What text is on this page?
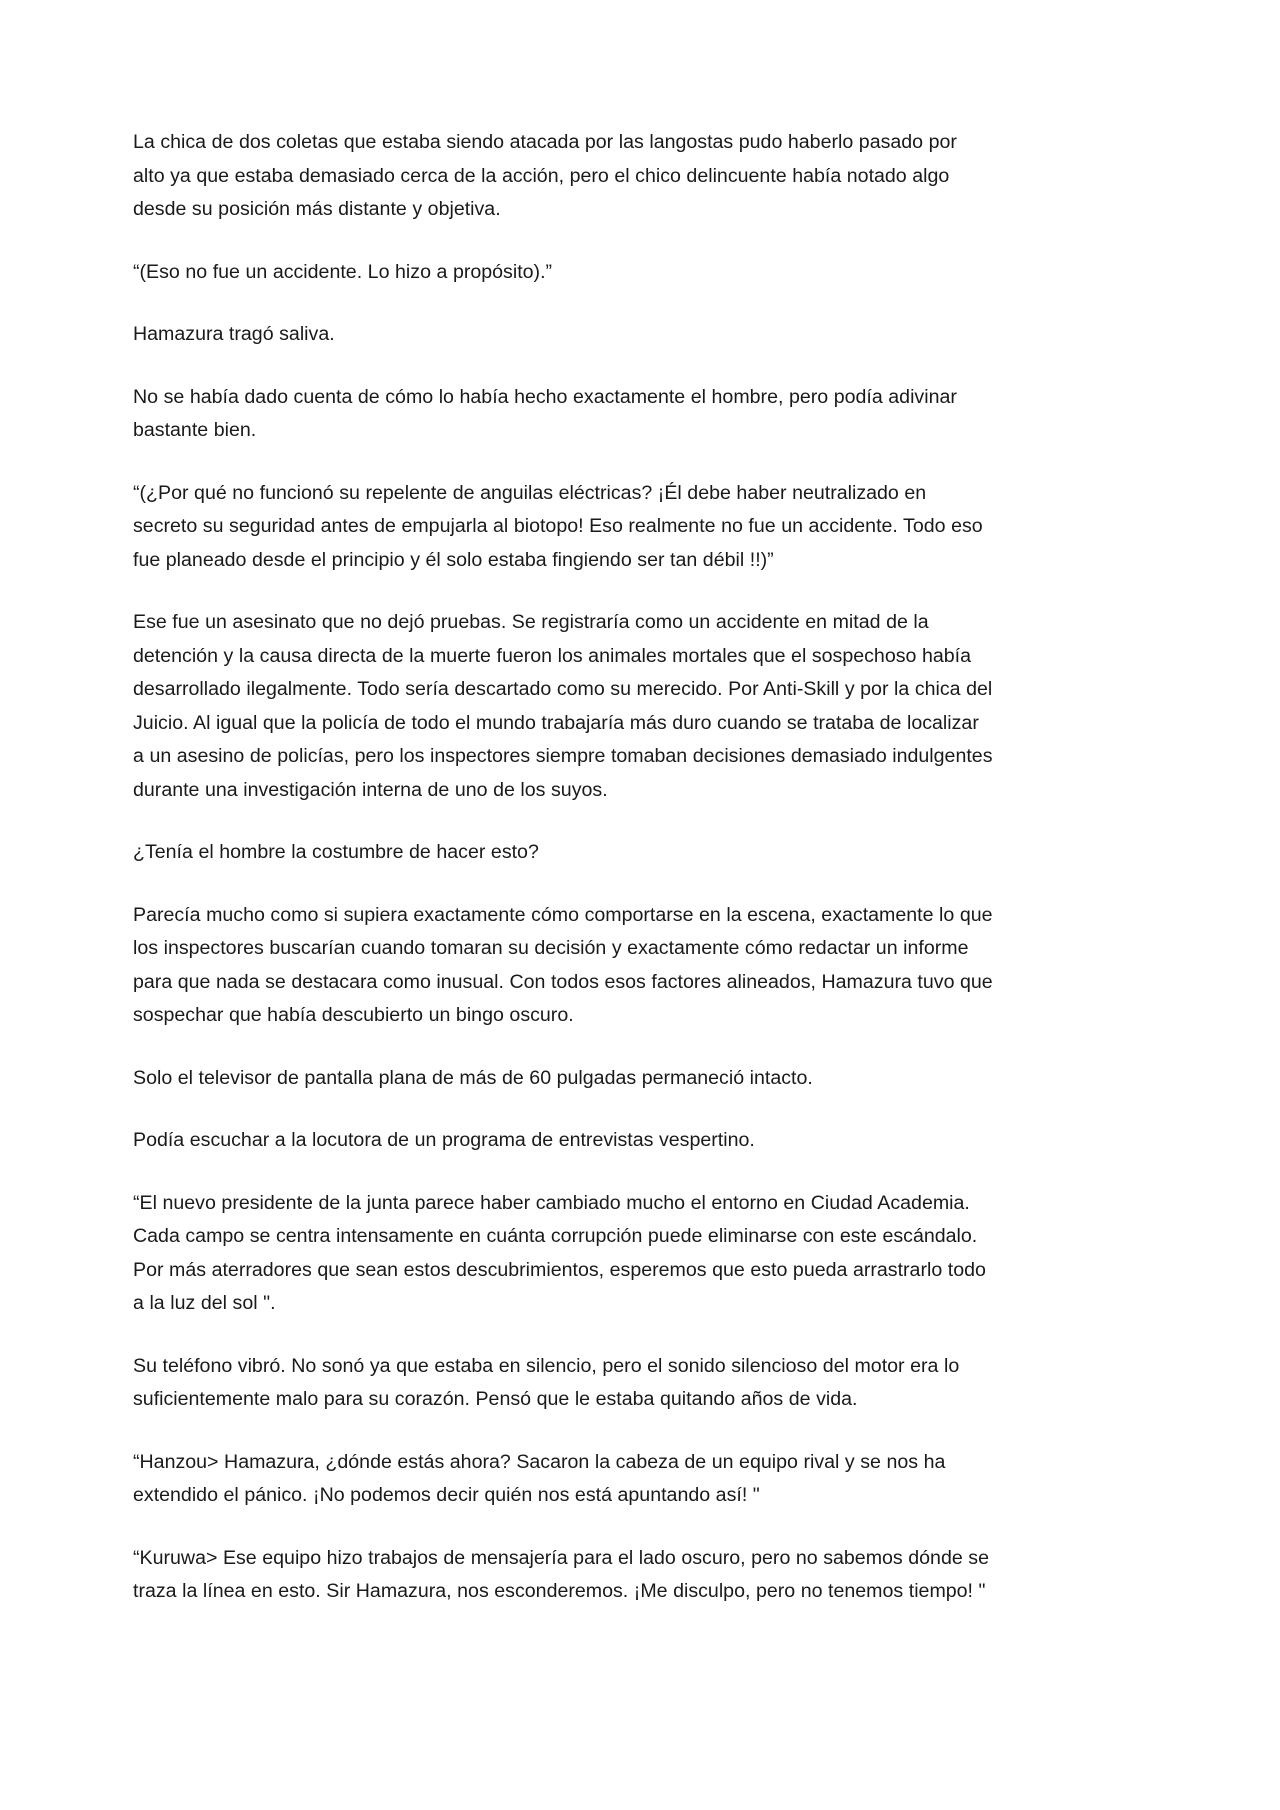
La chica de dos coletas que estaba siendo atacada por las langostas pudo haberlo pasado por alto ya que estaba demasiado cerca de la acción, pero el chico delincuente había notado algo desde su posición más distante y objetiva.

“(Eso no fue un accidente. Lo hizo a propósito).”

Hamazura tragó saliva.

No se había dado cuenta de cómo lo había hecho exactamente el hombre, pero podía adivinar bastante bien.

“(¿Por qué no funcionó su repelente de anguilas eléctricas? ¡Él debe haber neutralizado en secreto su seguridad antes de empujarla al biotopo! Eso realmente no fue un accidente. Todo eso fue planeado desde el principio y él solo estaba fingiendo ser tan débil !!)”

Ese fue un asesinato que no dejó pruebas. Se registraría como un accidente en mitad de la detención y la causa directa de la muerte fueron los animales mortales que el sospechoso había desarrollado ilegalmente. Todo sería descartado como su merecido. Por Anti-Skill y por la chica del Juicio. Al igual que la policía de todo el mundo trabajaría más duro cuando se trataba de localizar a un asesino de policías, pero los inspectores siempre tomaban decisiones demasiado indulgentes durante una investigación interna de uno de los suyos.

¿Tenía el hombre la costumbre de hacer esto?

Parecía mucho como si supiera exactamente cómo comportarse en la escena, exactamente lo que los inspectores buscarían cuando tomaran su decisión y exactamente cómo redactar un informe para que nada se destacara como inusual. Con todos esos factores alineados, Hamazura tuvo que sospechar que había descubierto un bingo oscuro.

Solo el televisor de pantalla plana de más de 60 pulgadas permaneció intacto.

Podía escuchar a la locutora de un programa de entrevistas vespertino.

“El nuevo presidente de la junta parece haber cambiado mucho el entorno en Ciudad Academia. Cada campo se centra intensamente en cuánta corrupción puede eliminarse con este escándalo. Por más aterradores que sean estos descubrimientos, esperemos que esto pueda arrastrarlo todo a la luz del sol ".

Su teléfono vibró. No sonó ya que estaba en silencio, pero el sonido silencioso del motor era lo suficientemente malo para su corazón. Pensó que le estaba quitando años de vida.

“Hanzou> Hamazura, ¿dónde estás ahora? Sacaron la cabeza de un equipo rival y se nos ha extendido el pánico. ¡No podemos decir quién nos está apuntando así! "

“Kuruwa> Ese equipo hizo trabajos de mensajería para el lado oscuro, pero no sabemos dónde se traza la línea en esto. Sir Hamazura, nos esconderemos. ¡Me disculpo, pero no tenemos tiempo! "
